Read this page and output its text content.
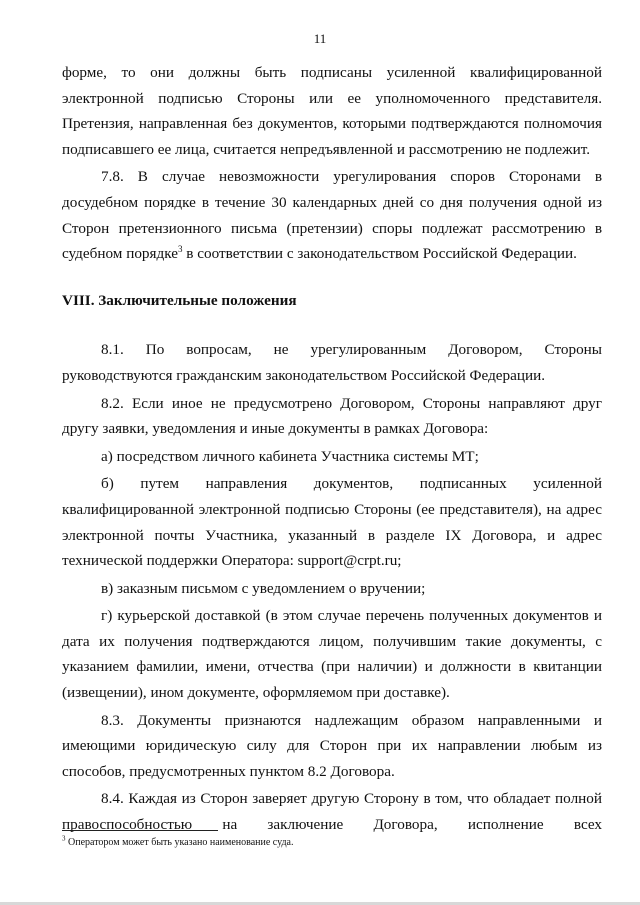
11

форме, то они должны быть подписаны усиленной квалифицированной электронной подписью Стороны или ее уполномоченного представителя. Претензия, направленная без документов, которыми подтверждаются полномочия подписавшего ее лица, считается непредъявленной и рассмотрению не подлежит.

7.8. В случае невозможности урегулирования споров Сторонами в досудебном порядке в течение 30 календарных дней со дня получения одной из Сторон претензионного письма (претензии) споры подлежат рассмотрению в судебном порядке$^3$ в соответствии с законодательством Российской Федерации.

VIII. Заключительные положения

8.1. По вопросам, не урегулированным Договором, Стороны руководствуются гражданским законодательством Российской Федерации.

8.2. Если иное не предусмотрено Договором, Стороны направляют друг другу заявки, уведомления и иные документы в рамках Договора:

а) посредством личного кабинета Участника системы МТ;

б) путем направления документов, подписанных усиленной квалифицированной электронной подписью Стороны (ее представителя), на адрес электронной почты Участника, указанный в разделе IX Договора, и адрес технической поддержки Оператора: support@crpt.ru;

в) заказным письмом с уведомлением о вручении;

г) курьерской доставкой (в этом случае перечень полученных документов и дата их получения подтверждаются лицом, получившим такие документы, с указанием фамилии, имени, отчества (при наличии) и должности в квитанции (извещении), ином документе, оформляемом при доставке).

8.3. Документы признаются надлежащим образом направленными и имеющими юридическую силу для Сторон при их направлении любым из способов, предусмотренных пунктом 8.2 Договора.

8.4. Каждая из Сторон заверяет другую Сторону в том, что обладает полной правоспособностью на заключение Договора, исполнение всех

$^3$ Оператором может быть указано наименование суда.
